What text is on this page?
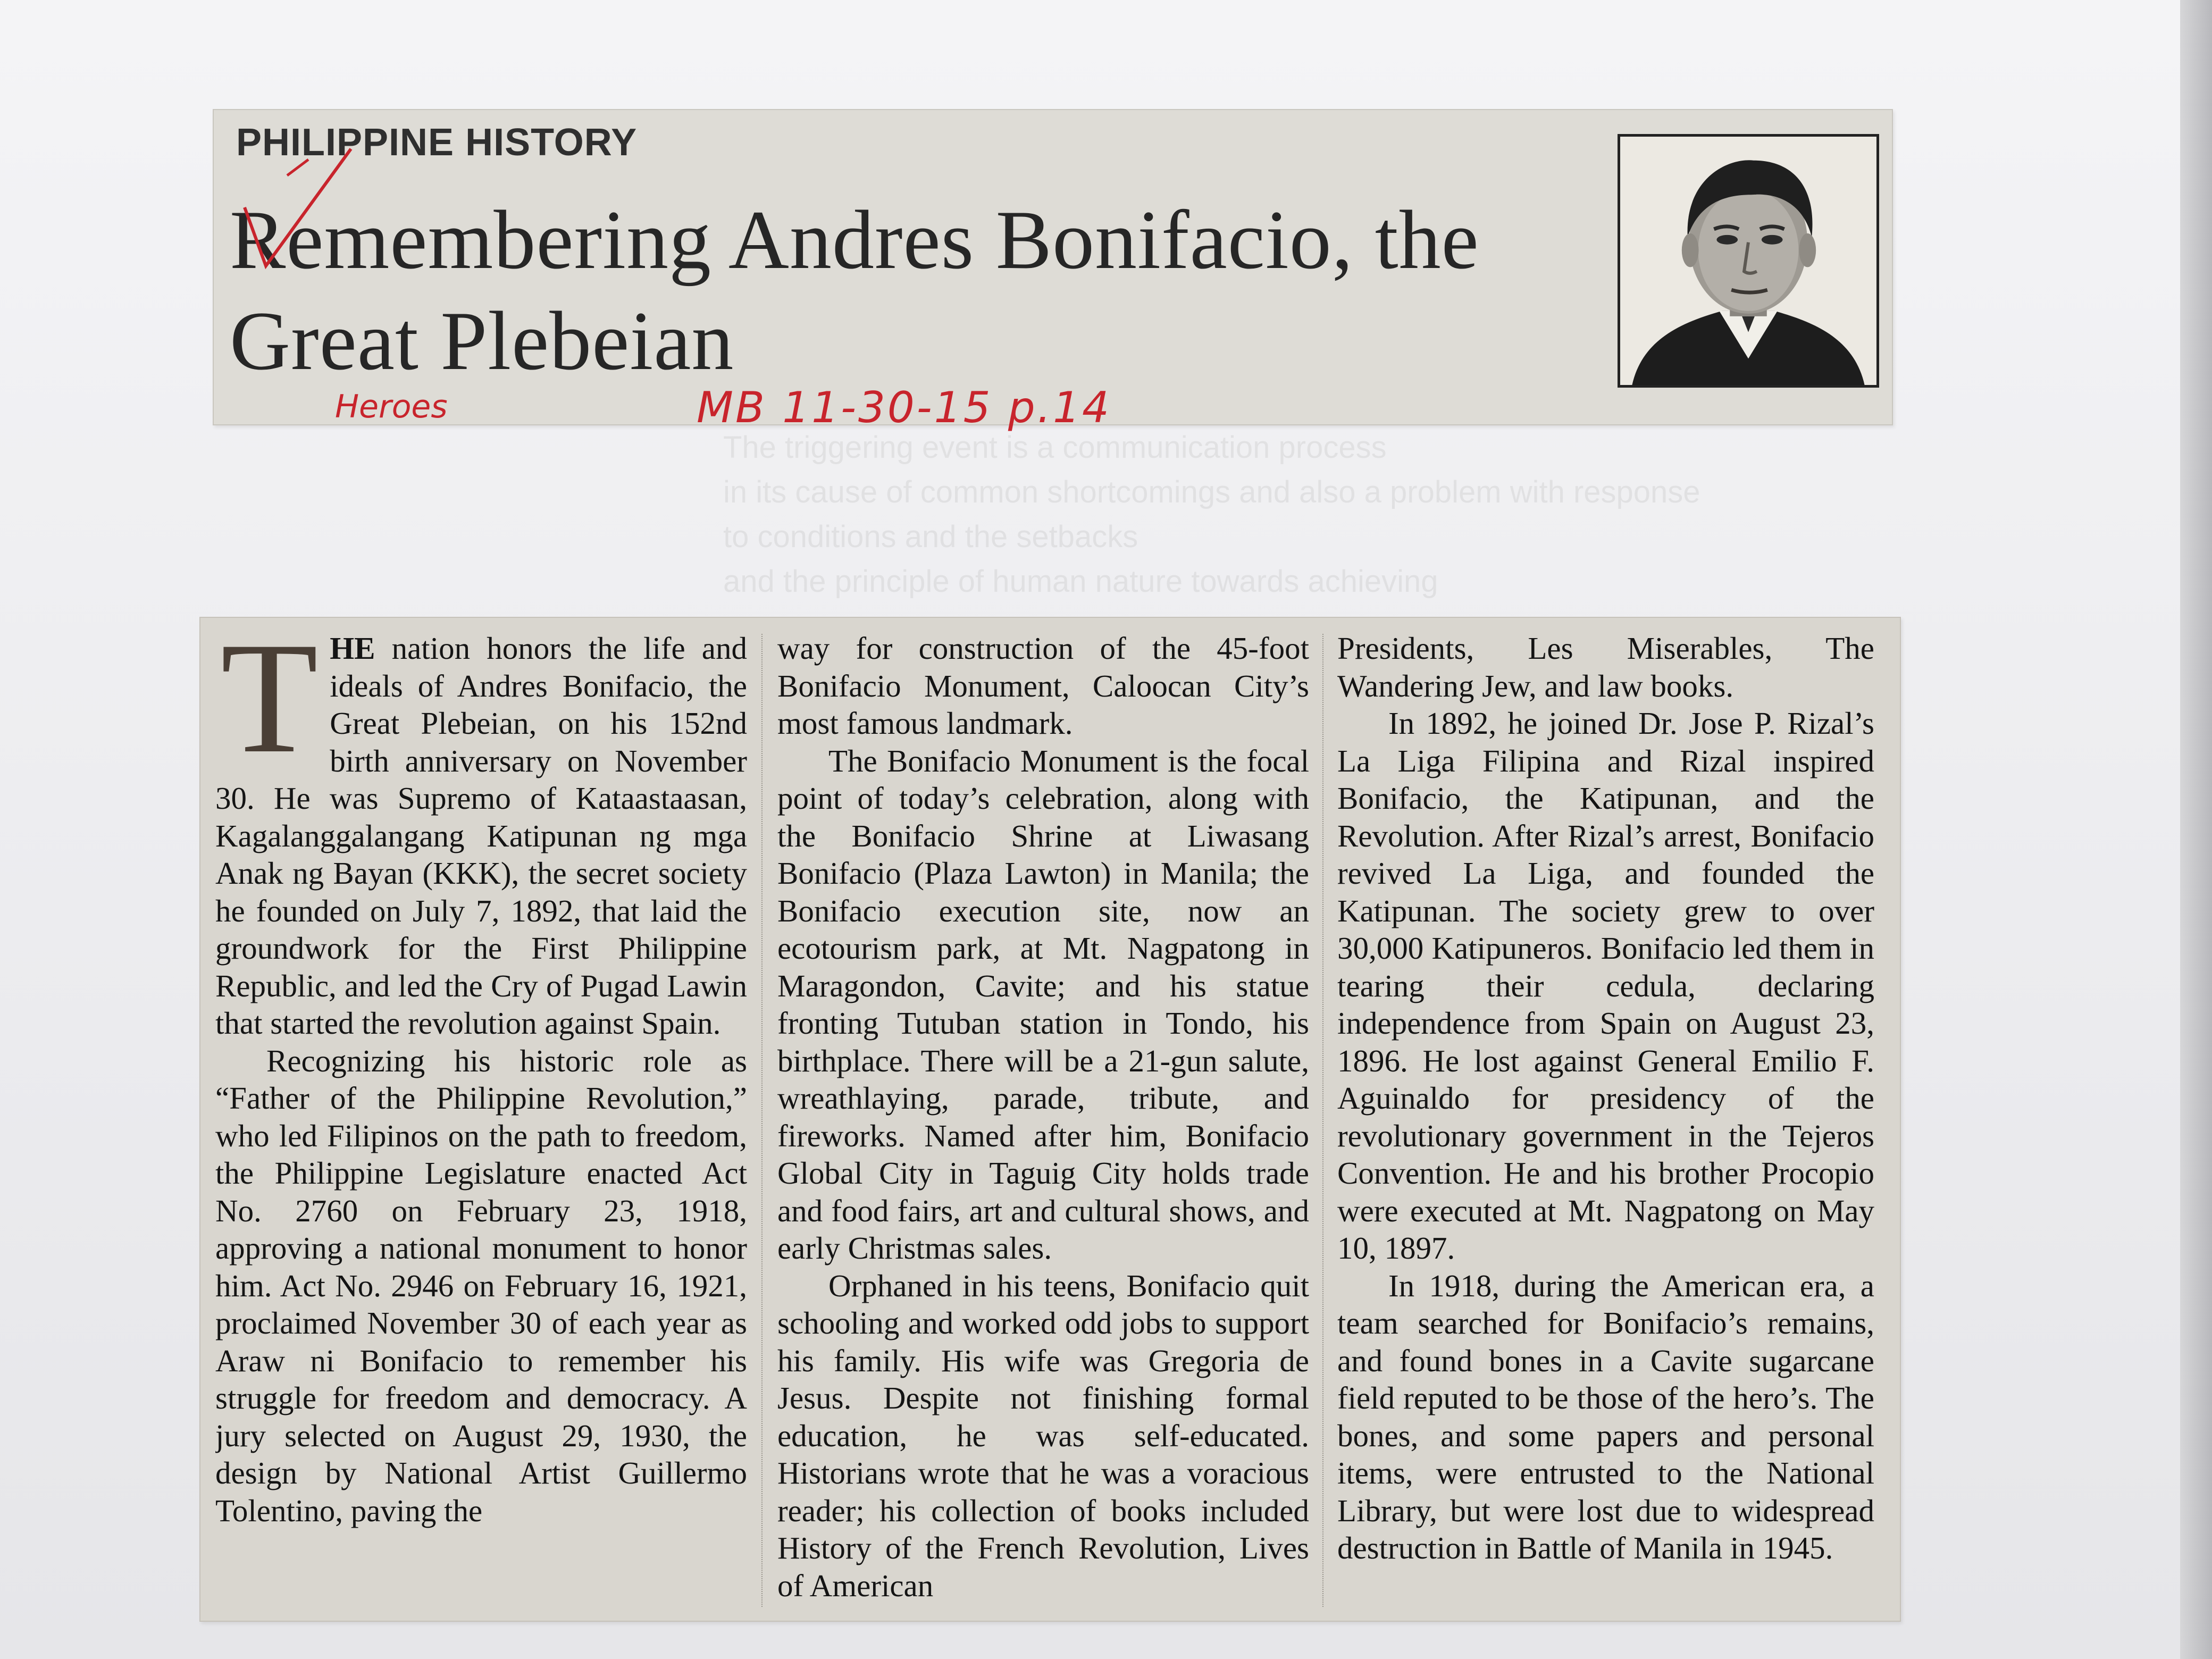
PHILIPPINE HISTORY
Remembering Andres Bonifacio, the Great Plebeian
Heroes	MB 11-30-15 p.14
The triggering event is a communication process
in its cause of common shortcomings and also a problem with response
to conditions and the setbacks
and the principle of human nature towards achieving

THE nation honors the life and ideals of Andres Bonifacio, the Great Plebeian, on his 152nd birth anniversary on November 30. He was Supremo of Kataastaasan, Kagalanggalangang Katipunan ng mga Anak ng Bayan (KKK), the secret society he founded on July 7, 1892, that laid the groundwork for the First Philippine Republic, and led the Cry of Pugad Lawin that started the revolution against Spain.

Recognizing his historic role as “Father of the Philippine Revolution,” who led Filipinos on the path to freedom, the Philippine Legislature enacted Act No. 2760 on February 23, 1918, approving a national monument to honor him. Act No. 2946 on February 16, 1921, proclaimed November 30 of each year as Araw ni Bonifacio to remember his struggle for freedom and democracy. A jury selected on August 29, 1930, the design by National Artist Guillermo Tolentino, paving the

way for construction of the 45-foot Bonifacio Monument, Caloocan City’s most famous landmark.

The Bonifacio Monument is the focal point of today’s celebration, along with the Bonifacio Shrine at Liwasang Bonifacio (Plaza Lawton) in Manila; the Bonifacio execution site, now an ecotourism park, at Mt. Nagpatong in Maragondon, Cavite; and his statue fronting Tutuban station in Tondo, his birthplace. There will be a 21-gun salute, wreathlaying, parade, tribute, and fireworks. Named after him, Bonifacio Global City in Taguig City holds trade and food fairs, art and cultural shows, and early Christmas sales.

Orphaned in his teens, Bonifacio quit schooling and worked odd jobs to support his family. His wife was Gregoria de Jesus. Despite not finishing formal education, he was self-educated. Historians wrote that he was a voracious reader; his collection of books included History of the French Revolution, Lives of American

Presidents, Les Miserables, The Wandering Jew, and law books.

In 1892, he joined Dr. Jose P. Rizal’s La Liga Filipina and Rizal inspired Bonifacio, the Katipunan, and the Revolution. After Rizal’s arrest, Bonifacio revived La Liga, and founded the Katipunan. The society grew to over 30,000 Katipuneros. Bonifacio led them in tearing their cedula, declaring independence from Spain on August 23, 1896. He lost against General Emilio F. Aguinaldo for presidency of the revolutionary government in the Tejeros Convention. He and his brother Procopio were executed at Mt. Nagpatong on May 10, 1897.

In 1918, during the American era, a team searched for Bonifacio’s remains, and found bones in a Cavite sugarcane field reputed to be those of the hero’s. The bones, and some papers and personal items, were entrusted to the National Library, but were lost due to widespread destruction in Battle of Manila in 1945.
